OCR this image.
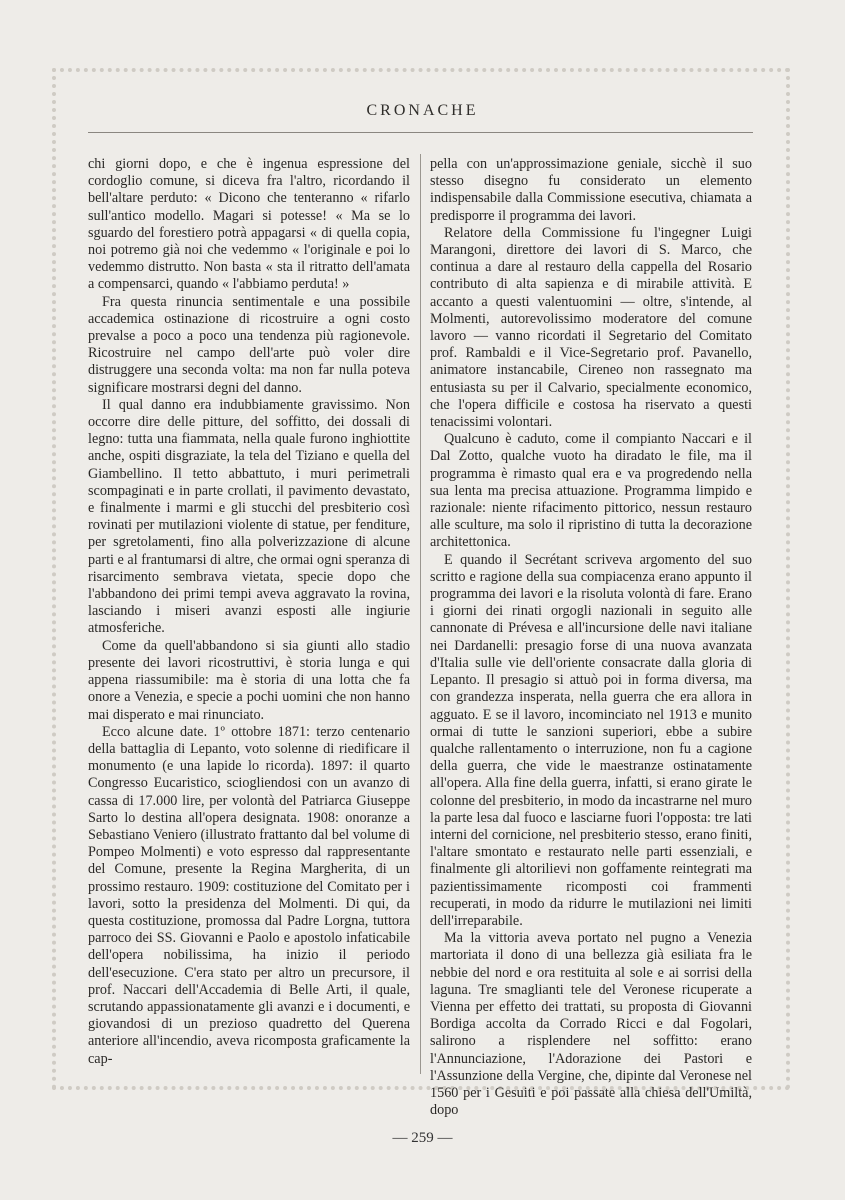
CRONACHE

chi giorni dopo, e che è ingenua espressione del cordoglio comune, si diceva fra l'altro, ricordando il bell'altare perduto: « Dicono che tenteranno « rifarlo sull'antico modello. Magari si potesse! « Ma se lo sguardo del forestiero potrà appagarsi « di quella copia, noi potremo già noi che vedemmo « l'originale e poi lo vedemmo distrutto. Non basta « sta il ritratto dell'amata a compensarci, quando « l'abbiamo perduta! »

Fra questa rinuncia sentimentale e una possibile accademica ostinazione di ricostruire a ogni costo prevalse a poco a poco una tendenza più ragionevole. Ricostruire nel campo dell'arte può voler dire distruggere una seconda volta: ma non far nulla poteva significare mostrarsi degni del danno.

Il qual danno era indubbiamente gravissimo. Non occorre dire delle pitture, del soffitto, dei dossali di legno: tutta una fiammata, nella quale furono inghiottite anche, ospiti disgraziate, la tela del Tiziano e quella del Giambellino. Il tetto abbattuto, i muri perimetrali scompaginati e in parte crollati, il pavimento devastato, e finalmente i marmi e gli stucchi del presbiterio così rovinati per mutilazioni violente di statue, per fenditure, per sgretolamenti, fino alla polverizzazione di alcune parti e al frantumarsi di altre, che ormai ogni speranza di risarcimento sembrava vietata, specie dopo che l'abbandono dei primi tempi aveva aggravato la rovina, lasciando i miseri avanzi esposti alle ingiurie atmosferiche.

Come da quell'abbandono si sia giunti allo stadio presente dei lavori ricostruttivi, è storia lunga e qui appena riassumibile: ma è storia di una lotta che fa onore a Venezia, e specie a pochi uomini che non hanno mai disperato e mai rinunciato.

Ecco alcune date. 1º ottobre 1871: terzo centenario della battaglia di Lepanto, voto solenne di riedificare il monumento (e una lapide lo ricorda). 1897: il quarto Congresso Eucaristico, sciogliendosi con un avanzo di cassa di 17.000 lire, per volontà del Patriarca Giuseppe Sarto lo destina all'opera designata. 1908: onoranze a Sebastiano Veniero (illustrato frattanto dal bel volume di Pompeo Molmenti) e voto espresso dal rappresentante del Comune, presente la Regina Margherita, di un prossimo restauro. 1909: costituzione del Comitato per i lavori, sotto la presidenza del Molmenti. Di qui, da questa costituzione, promossa dal Padre Lorgna, tuttora parroco dei SS. Giovanni e Paolo e apostolo infaticabile dell'opera nobilissima, ha inizio il periodo dell'esecuzione. C'era stato per altro un precursore, il prof. Naccari dell'Accademia di Belle Arti, il quale, scrutando appassionatamente gli avanzi e i documenti, e giovandosi di un prezioso quadretto del Querena anteriore all'incendio, aveva ricomposta graficamente la cap-

pella con un'approssimazione geniale, sicchè il suo stesso disegno fu considerato un elemento indispensabile dalla Commissione esecutiva, chiamata a predisporre il programma dei lavori.

Relatore della Commissione fu l'ingegner Luigi Marangoni, direttore dei lavori di S. Marco, che continua a dare al restauro della cappella del Rosario contributo di alta sapienza e di mirabile attività. E accanto a questi valentuomini — oltre, s'intende, al Molmenti, autorevolissimo moderatore del comune lavoro — vanno ricordati il Segretario del Comitato prof. Rambaldi e il Vice-Segretario prof. Pavanello, animatore instancabile, Cireneo non rassegnato ma entusiasta su per il Calvario, specialmente economico, che l'opera difficile e costosa ha riservato a questi tenacissimi volontari.

Qualcuno è caduto, come il compianto Naccari e il Dal Zotto, qualche vuoto ha diradato le file, ma il programma è rimasto qual era e va progredendo nella sua lenta ma precisa attuazione. Programma limpido e razionale: niente rifacimento pittorico, nessun restauro alle sculture, ma solo il ripristino di tutta la decorazione architettonica.

E quando il Secrétant scriveva argomento del suo scritto e ragione della sua compiacenza erano appunto il programma dei lavori e la risoluta volontà di fare. Erano i giorni dei rinati orgogli nazionali in seguito alle cannonate di Prévesa e all'incursione delle navi italiane nei Dardanelli: presagio forse di una nuova avanzata d'Italia sulle vie dell'oriente consacrate dalla gloria di Lepanto. Il presagio si attuò poi in forma diversa, ma con grandezza insperata, nella guerra che era allora in agguato. E se il lavoro, incominciato nel 1913 e munito ormai di tutte le sanzioni superiori, ebbe a subire qualche rallentamento o interruzione, non fu a cagione della guerra, che vide le maestranze ostinatamente all'opera. Alla fine della guerra, infatti, si erano girate le colonne del presbiterio, in modo da incastrarne nel muro la parte lesa dal fuoco e lasciarne fuori l'opposta: tre lati interni del cornicione, nel presbiterio stesso, erano finiti, l'altare smontato e restaurato nelle parti essenziali, e finalmente gli altorilievi non goffamente reintegrati ma pazientissimamente ricomposti coi frammenti recuperati, in modo da ridurre le mutilazioni nei limiti dell'irreparabile.

Ma la vittoria aveva portato nel pugno a Venezia martoriata il dono di una bellezza già esiliata fra le nebbie del nord e ora restituita al sole e ai sorrisi della laguna. Tre smaglianti tele del Veronese ricuperate a Vienna per effetto dei trattati, su proposta di Giovanni Bordiga accolta da Corrado Ricci e dal Fogolari, salirono a risplendere nel soffitto: erano l'Annunciazione, l'Adorazione dei Pastori e l'Assunzione della Vergine, che, dipinte dal Veronese nel 1560 per i Gesuiti e poi passate alla chiesa dell'Umiltà, dopo

— 259 —
